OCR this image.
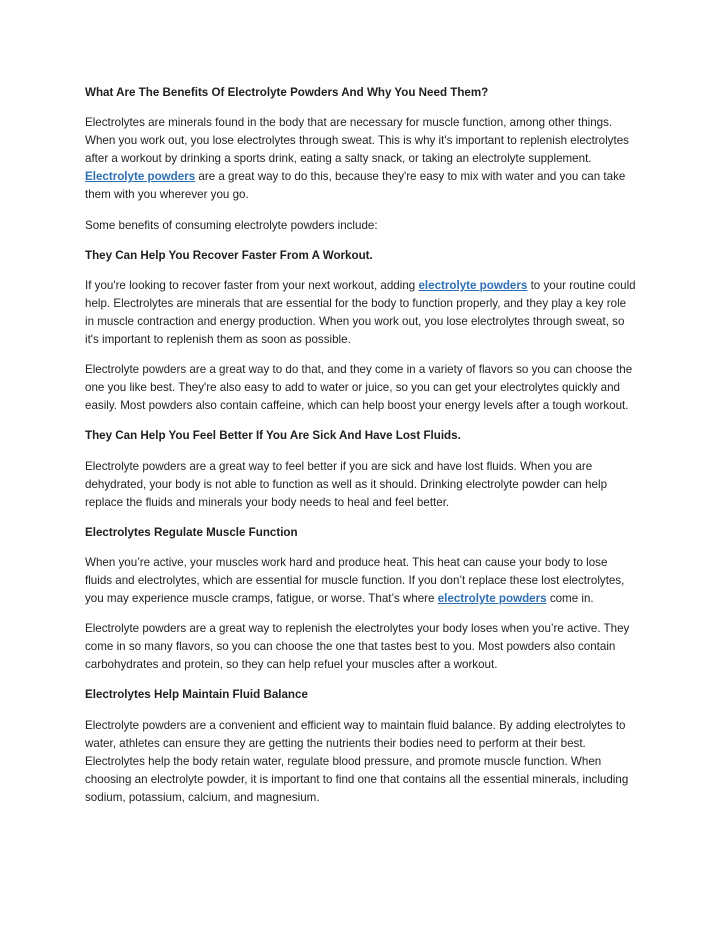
What Are The Benefits Of Electrolyte Powders And Why You Need Them?

Electrolytes are minerals found in the body that are necessary for muscle function, among other things. When you work out, you lose electrolytes through sweat. This is why it's important to replenish electrolytes after a workout by drinking a sports drink, eating a salty snack, or taking an electrolyte supplement. Electrolyte powders are a great way to do this, because they're easy to mix with water and you can take them with you wherever you go.

Some benefits of consuming electrolyte powders include:

They Can Help You Recover Faster From A Workout.

If you're looking to recover faster from your next workout, adding electrolyte powders to your routine could help. Electrolytes are minerals that are essential for the body to function properly, and they play a key role in muscle contraction and energy production. When you work out, you lose electrolytes through sweat, so it's important to replenish them as soon as possible.

Electrolyte powders are a great way to do that, and they come in a variety of flavors so you can choose the one you like best. They're also easy to add to water or juice, so you can get your electrolytes quickly and easily. Most powders also contain caffeine, which can help boost your energy levels after a tough workout.

They Can Help You Feel Better If You Are Sick And Have Lost Fluids.

Electrolyte powders are a great way to feel better if you are sick and have lost fluids. When you are dehydrated, your body is not able to function as well as it should. Drinking electrolyte powder can help replace the fluids and minerals your body needs to heal and feel better.

Electrolytes Regulate Muscle Function

When you’re active, your muscles work hard and produce heat. This heat can cause your body to lose fluids and electrolytes, which are essential for muscle function. If you don’t replace these lost electrolytes, you may experience muscle cramps, fatigue, or worse. That’s where electrolyte powders come in.

Electrolyte powders are a great way to replenish the electrolytes your body loses when you’re active. They come in so many flavors, so you can choose the one that tastes best to you. Most powders also contain carbohydrates and protein, so they can help refuel your muscles after a workout.

Electrolytes Help Maintain Fluid Balance

Electrolyte powders are a convenient and efficient way to maintain fluid balance. By adding electrolytes to water, athletes can ensure they are getting the nutrients their bodies need to perform at their best. Electrolytes help the body retain water, regulate blood pressure, and promote muscle function. When choosing an electrolyte powder, it is important to find one that contains all the essential minerals, including sodium, potassium, calcium, and magnesium.
